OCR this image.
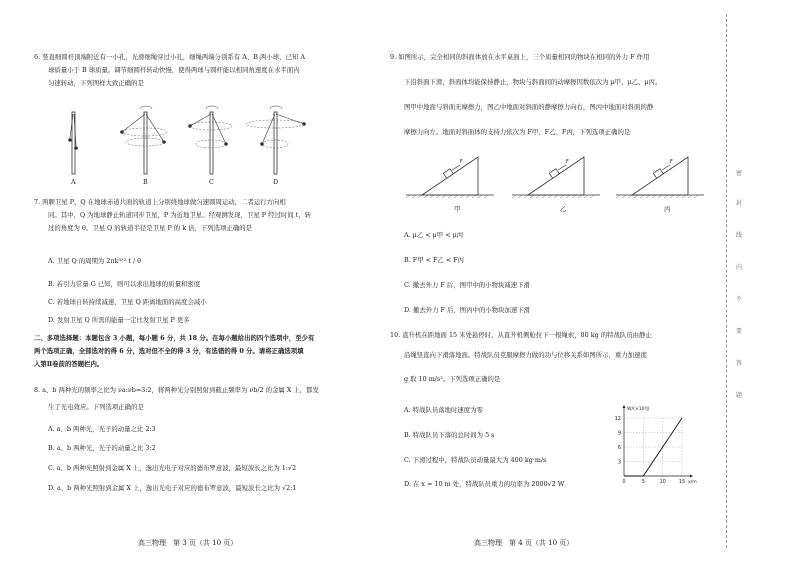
6. 竖直细圆杆顶端附近有一小孔，光滑细绳穿过小孔，细绳两端分别系有 A、B 两小球，已知 A
球质量小于 B 球质量。调节细圆杆转动快慢，使得两球与圆杆能以相同角速度在水平面内
匀速转动，下列图样大致正确的是
A	B	C	D
7. 两颗卫星 P、Q 在地球赤道共面的轨道上分别绕地球做匀速圆周运动，二者运行方向相
同。其中，Q 为地球静止轨道同步卫星，P 为近地卫星。经观测发现，卫星 P 经过时间 t，转
过的角度为 θ。卫星 Q 的轨道半径是卫星 P 的 k 倍，下列选项正确的是
A. 卫星 Q 的周期为 2πk³ᐟ² t / θ
B. 若引力常量 G 已知，则可以求出地球的质量和密度
C. 若地球自转持续减速，卫星 Q 距离地面的高度会减小
D. 发射卫星 Q 所需的能量一定比发射卫星 P 更多
二、多项选择题：本题包含 3 小题，每小题 6 分，共 18 分。在每小题给出的四个选项中，至少有
两个选项正确，全部选对的得 6 分，选对但不全的得 3 分，有选错的得 0 分。请将正确选项填
入第Ⅱ卷前的答题栏内。
8. a、b 两种光的频率之比为 νa:νb=3:2，将两种光分别照射到截止频率为 νb/2 的金属 X 上，都发
生了光电效应。下列选项正确的是
A. a、b 两种光，光子的动量之比 2:3
B. a、b 两种光，光子的动量之比 3:2
C. a、b 两种光照射到金属 X 上，逸出光电子对应的德布罗意波，最短波长之比为 1:√2
D. a、b 两种光照射到金属 X 上，逸出光电子对应的德布罗意波，最短波长之比为 √2:1
高三物理　第 3 页（共 10 页）
9. 如图所示，完全相同的斜面体放在水平桌面上，三个质量相同的物块在相同的外力 F 作用
下沿斜面下滑，斜面体均能保持静止，物块与斜面间的动摩擦因数依次为 μ甲、μ乙、μ丙。
图甲中地面与斜面无摩擦力，图乙中地面对斜面的静摩擦力向右，图丙中地面对斜面的静
摩擦力向左。地面对斜面体的支持力依次为 F甲、F乙、F丙，下列选项正确的是
F	F	F
甲	乙	丙
A. μ乙 < μ甲 < μ丙
B. F甲 < F乙 < F丙
C. 撤去外力 F 后，图甲中的小物块减速下滑
D. 撤去外力 F 后，图丙中的小物块加速下滑
10. 直升机在距地面 15 米处悬停时，从直升机侧舱拉下一根绳索，80 kg 的特战队员由静止
沿绳竖直向下滑落地面。特战队员克服摩擦力做的功与位移关系如图所示，重力加速度
g 取 10 m/s²。下列选项正确的是
A. 特战队员落地时速度为零
B. 特战队员下落的总时间为 5 s
C. 下滑过程中，特战队员动量最大为 400 kg·m/s
D. 在 x = 10 m 处，特战队员重力的功率为 2000√2 W	0	5	10	15
3
6
9
12
W/(×10³J)
x/m
高三物理　第 4 页（共 10 页）
密
封
线
内
不
要
答
题
